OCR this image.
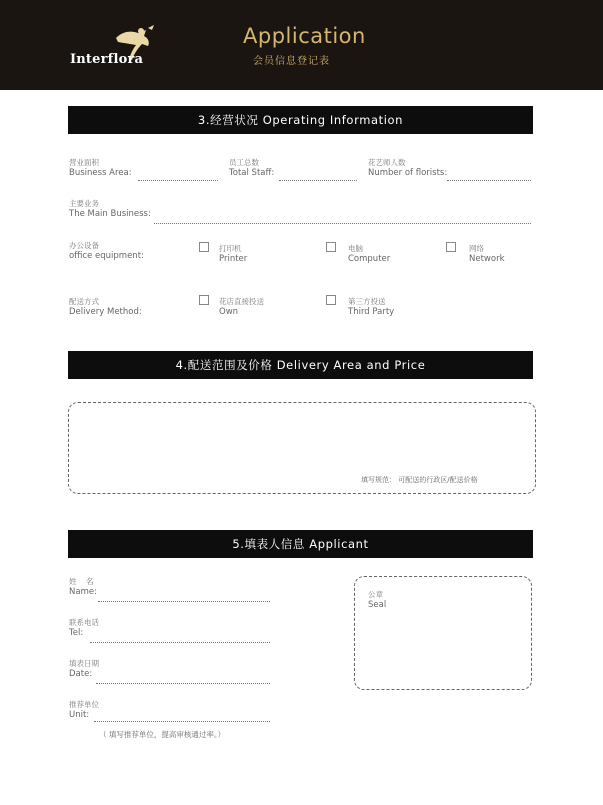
Interflora
Application
会员信息登记表
3.经营状况 Operating Information
营业面积
Business Area:
员工总数
Total Staff:
花艺师人数
Number of florists:
主要业务
The Main Business:
办公设备
office equipment:
打印机
Printer
电脑
Computer
网络
Network
配送方式
Delivery Method:
花店直接投送
Own
第三方投送
Third Party
4.配送范围及价格 Delivery Area and Price
填写规范： 可配送的行政区/配送价格
5.填表人信息 Applicant
姓    名
Name:
联系电话
Tel:
填表日期
Date:
推荐单位
Unit:
（ 填写推荐单位，提高审核通过率。）
公章
Seal
